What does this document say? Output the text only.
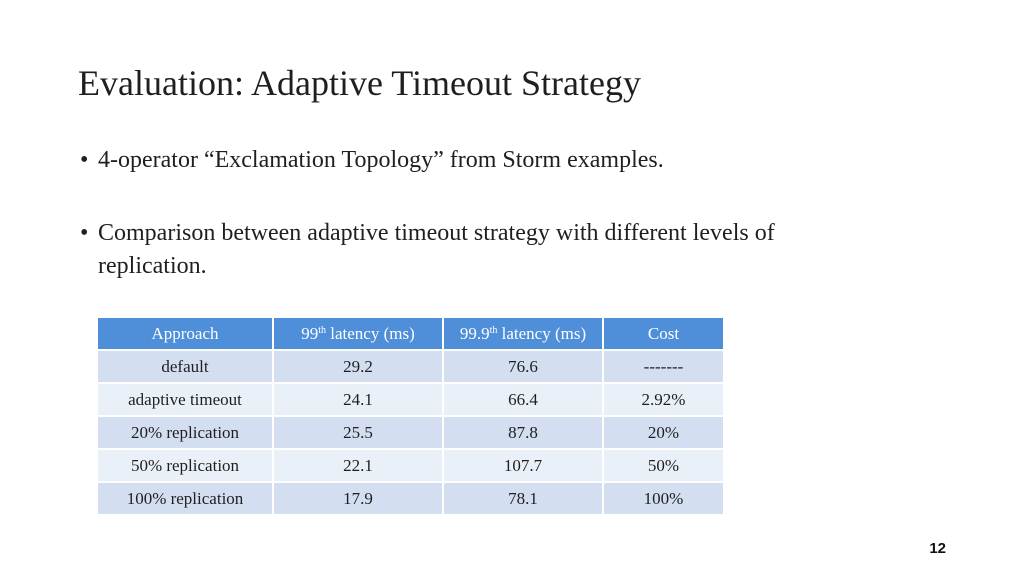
Evaluation: Adaptive Timeout Strategy
• 4-operator “Exclamation Topology” from Storm examples.
• Comparison between adaptive timeout strategy with different levels of replication.
Approach	99th latency (ms)	99.9th latency (ms)	Cost
default	29.2	76.6	-------
adaptive timeout	24.1	66.4	2.92%
20% replication	25.5	87.8	20%
50% replication	22.1	107.7	50%
100% replication	17.9	78.1	100%
12
